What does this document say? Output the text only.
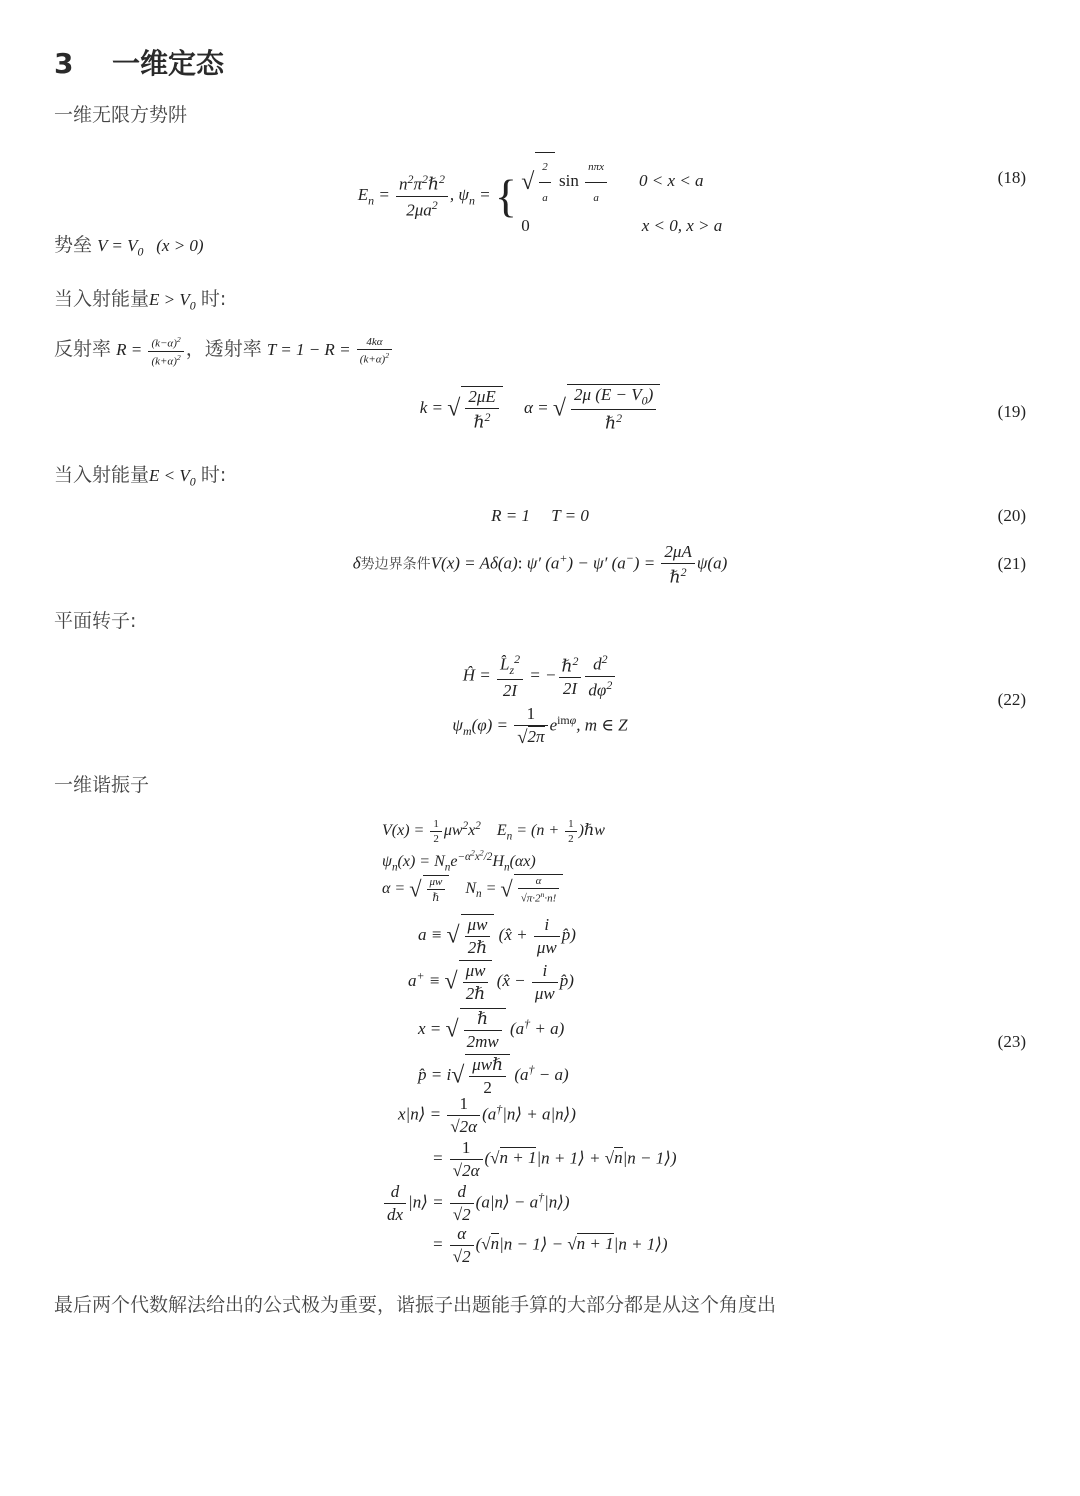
3 一维定态
一维无限方势阱
$E_n = \frac{n^2\pi^2\hbar^2}{2\mu a^2}$ , $\psi_n$ = { √ $\frac{2}{a}$ $\sin \frac{\text{nπx}}{a} 0 < x < a$
0	x < 0, x > a
(18)
势垒 $V = V_0$   (x > 0)
当入射能量$E > V_0$ 时:
反射率 $R = \frac{(k-\alpha)^2}{(k+\alpha)^2}$ ，透射率 $T = 1 - R = \frac{4k\alpha}{(k+\alpha)^2}$
k = √ $\frac{2\mu E}{\hbar^2}$ α = √ $\frac{2\mu (E - V_0)}{\hbar^2}$	(19)
当入射能量$E < V_0$ 时:
R = 1     T = 0	(20)
δ势边界条件V(x) = Aδ(a): ψ′ (a+) − ψ′ $(a^-) = \frac{2\mu A}{\hbar^2} \psi(a)$	(21)
平面转子:
Ĥ = $\frac{L̂_z^2}{2I}$ = − $\frac{\hbar^2}{2I} \frac{d^2}{d\varphi^2}$
$\psi_m(\varphi) = \frac{1}{√2\pi} e^{im\varphi}$, m ∈ Z
(22)
一维谐振子
$V(x) = \frac{1}{2} \mu w^2x^2$    $E_n = (n + \frac{1}{2}$ )ℏw
$\psi_n(x) = N_ne^{-\alpha^2x^2/2}H_n(\alpha x)$
α = √ $\frac{\mu w}{\text{ℏ}} N_n$ = √ $\frac{\alpha}{√\pi\cdot 2^n\cdot n!}$
a ≡ √ $\frac{\mu w}{\text{2ℏ}}$ (x̂ + $\frac{i}{\mu w}$ p̂)
a+ ≡ √ $\frac{\mu w}{\text{2ℏ}}$ (x̂ − $\frac{i}{\mu w}$ p̂)
x = √ $\frac{\text{ℏ}}{2mw} (a^\dagger + a)$
p̂ = $i√ \frac{\text{μwℏ}}{2} (a^\dagger - a)$
x|n⟩ = $\frac{1}{√2\alpha}$ (a†|n⟩ + a|n⟩)
= $\frac{1}{√2\alpha} (√n + 1|n$ + 1⟩ + √n|n − 1⟩)
$\frac{d}{dx}$ |n⟩ = $\frac{d}{√2}$ (a|n⟩ − a†|n⟩)
= $\frac{\alpha}{√2} (√n|n$ − 1⟩ − √n + 1|n + 1⟩)
(23)
最后两个代数解法给出的公式极为重要，谐振子出题能手算的大部分都是从这个角度出
